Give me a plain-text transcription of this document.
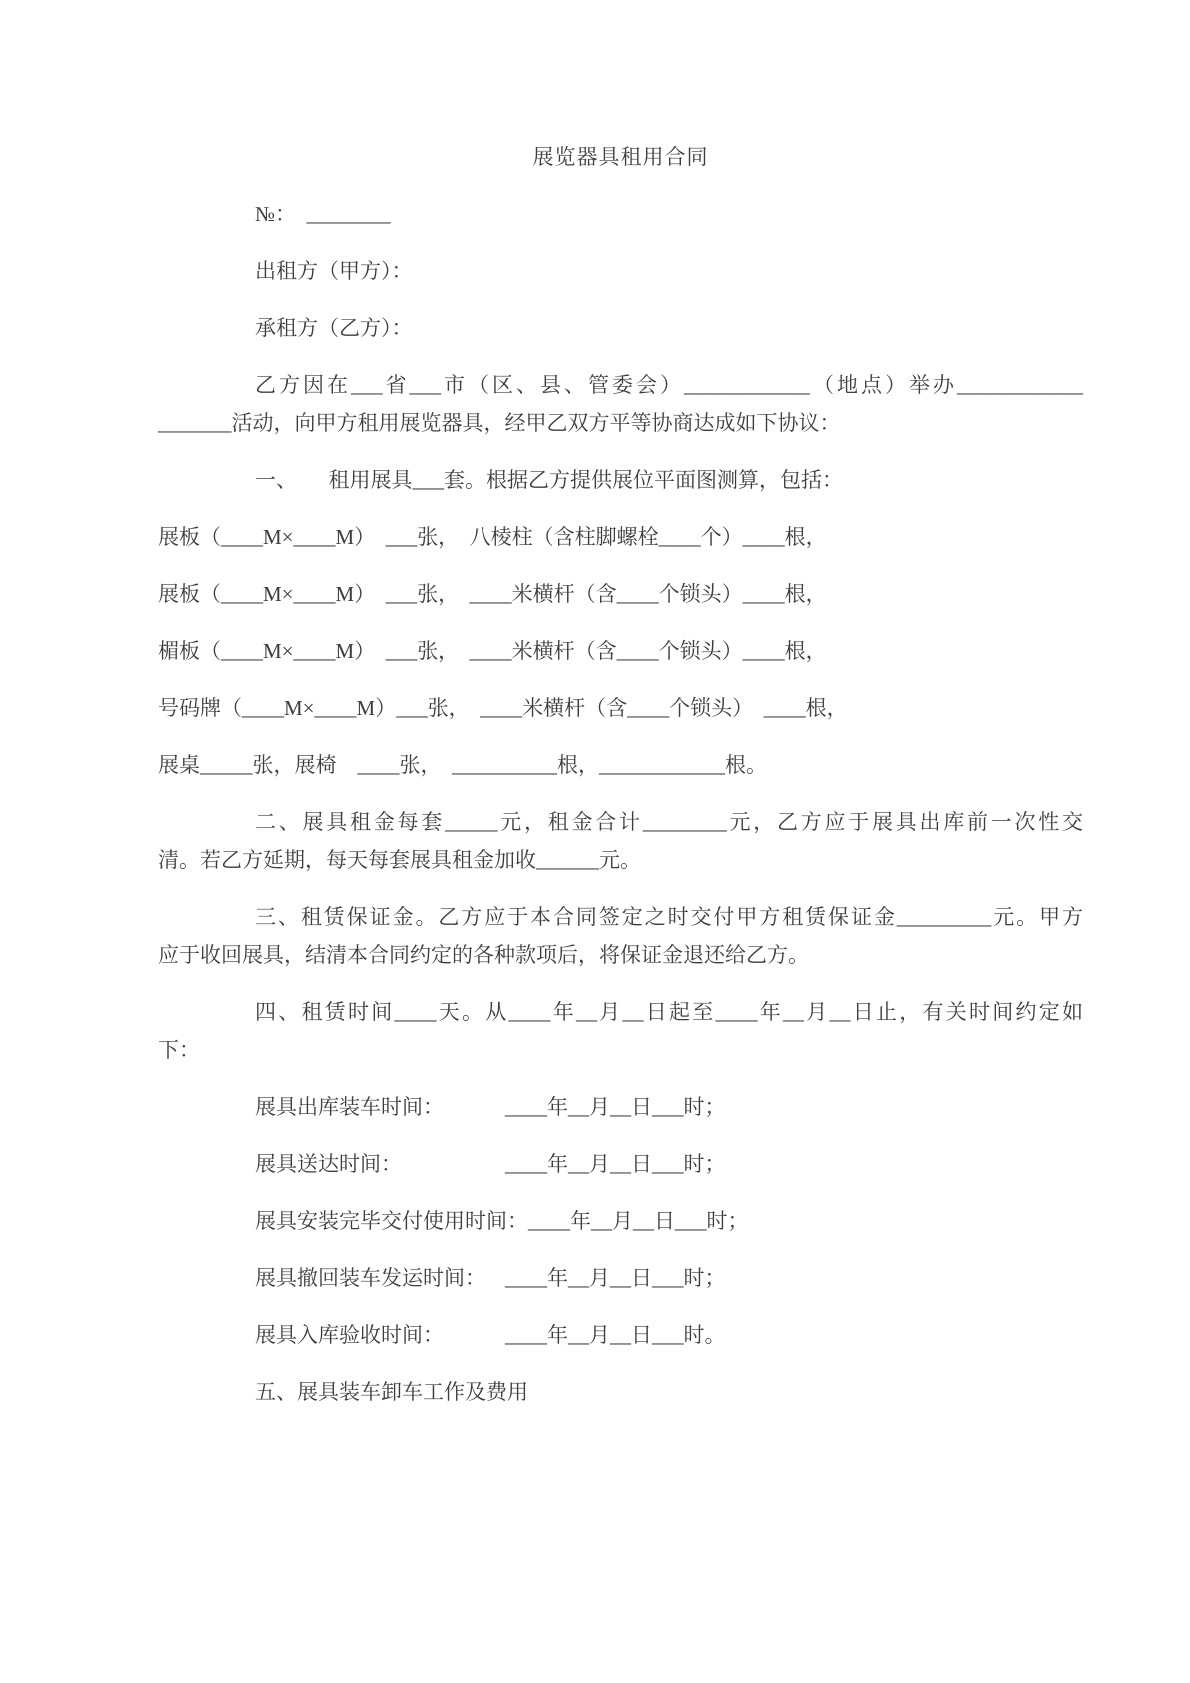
展览器具租用合同
№：　________
出租方（甲方）：
承租方（乙方）：
乙方因在___省___市（区、县、管委会）____________（地点）举办____________
_______活动，向甲方租用展览器具，经甲乙双方平等协商达成如下协议：
一、　　租用展具___套。根据乙方提供展位平面图测算，包括：
展板（____M×____M）　___张，　八棱柱（含柱脚螺栓____个）____根，
展板（____M×____M）　___张，　____米横杆（含____个锁头）____根，
楣板（____M×____M）　___张，　____米横杆（含____个锁头）____根，
号码牌（____M×____M）___张，　____米横杆（含____个锁头）　____根，
展桌_____张，展椅　____张，　__________根，____________根。
二、展具租金每套_____元，租金合计________元，乙方应于展具出库前一次性交
清。若乙方延期，每天每套展具租金加收______元。
三、租赁保证金。乙方应于本合同签定之时交付甲方租赁保证金_________元。甲方
应于收回展具，结清本合同约定的各种款项后，将保证金退还给乙方。
四、租赁时间____天。从____年__月__日起至____年__月__日止，有关时间约定如
下：
展具出库装车时间：	____年__月__日___时；
展具送达时间：	____年__月__日___时；
展具安装完毕交付使用时间：____年__月__日___时；
展具撤回装车发运时间： ____年__月__日___时；
展具入库验收时间：	____年__月__日___时。
五、展具装车卸车工作及费用
